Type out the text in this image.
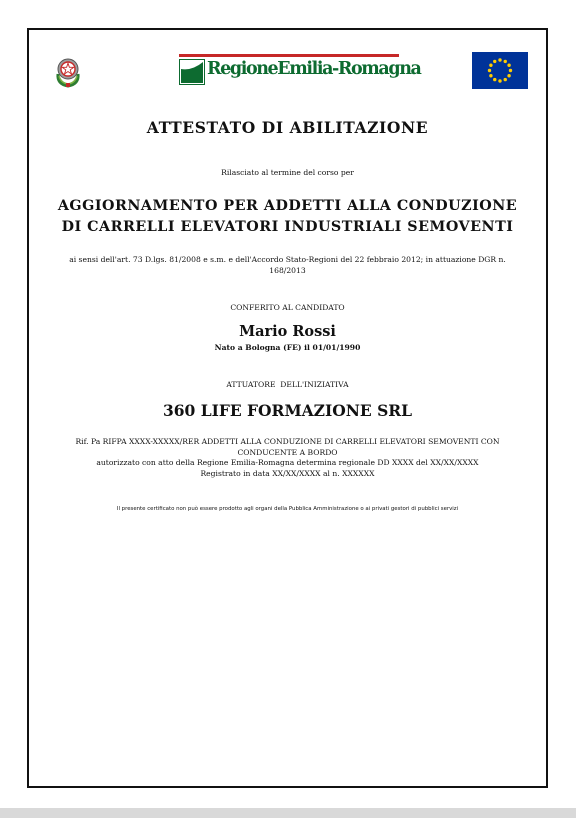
RegioneEmilia-Romagna
ATTESTATO DI ABILITAZIONE
Rilasciato al termine del corso per
AGGIORNAMENTO PER ADDETTI ALLA CONDUZIONE
DI CARRELLI ELEVATORI INDUSTRIALI SEMOVENTI
ai sensi dell'art. 73 D.lgs. 81/2008 e s.m. e dell'Accordo Stato-Regioni del 22 febbraio 2012; in attuazione DGR n. 168/2013
CONFERITO AL CANDIDATO
Mario Rossi
Nato a Bologna (FE) il 01/01/1990
ATTUATORE  DELL'INIZIATIVA
360 LIFE FORMAZIONE SRL
Rif. Pa RIFPA XXXX-XXXXX/RER ADDETTI ALLA CONDUZIONE DI CARRELLI ELEVATORI SEMOVENTI CON CONDUCENTE A BORDO
autorizzato con atto della Regione Emilia-Romagna determina regionale DD XXXX del XX/XX/XXXX
Registrato in data XX/XX/XXXX al n. XXXXXX
Il presente certificato non può essere prodotto agli organi della Pubblica Amministrazione o ai privati gestori di pubblici servizi
